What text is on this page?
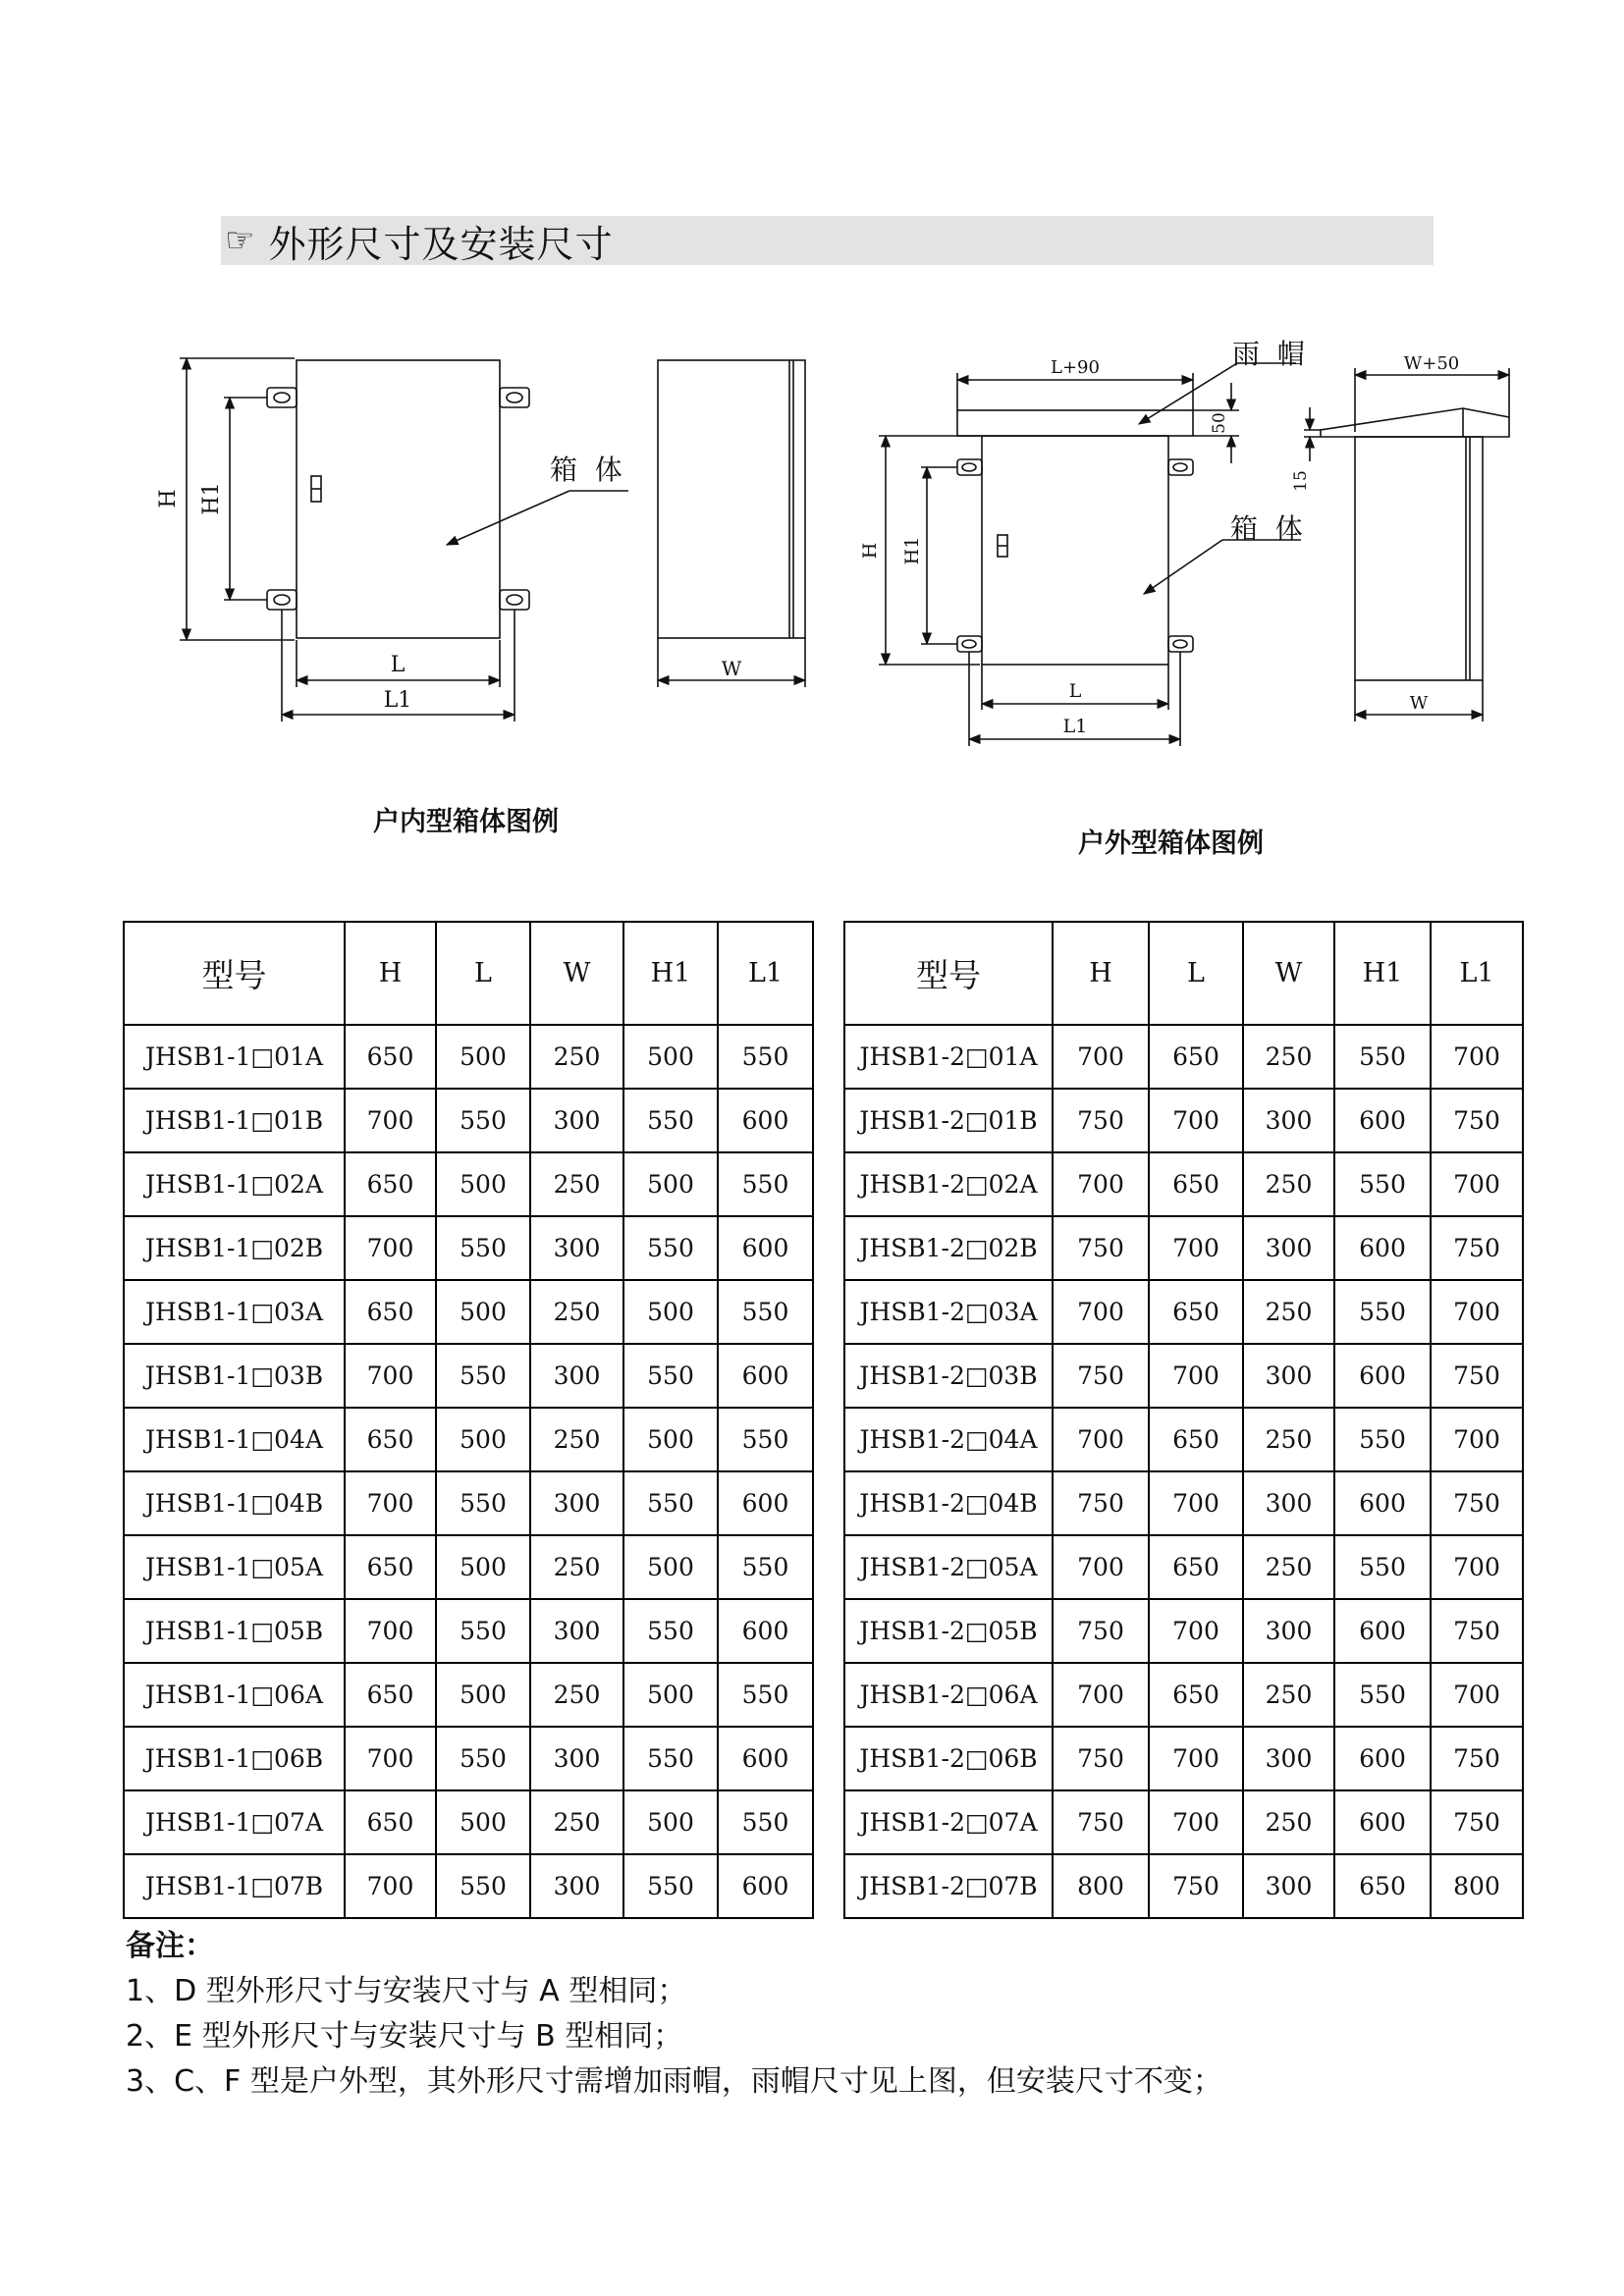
☞ 外形尺寸及安装尺寸
H H1
L
L1
W
箱  体
L+90	雨  帽	W+50
50
15
箱  体
H H1
L
L1
W
户内型箱体图例
户外型箱体图例
型号	H	L	W	H1	L1
JHSB1-1□01A	650	500	250	500	550
JHSB1-1□01B	700	550	300	550	600
JHSB1-1□02A	650	500	250	500	550
JHSB1-1□02B	700	550	300	550	600
JHSB1-1□03A	650	500	250	500	550
JHSB1-1□03B	700	550	300	550	600
JHSB1-1□04A	650	500	250	500	550
JHSB1-1□04B	700	550	300	550	600
JHSB1-1□05A	650	500	250	500	550
JHSB1-1□05B	700	550	300	550	600
JHSB1-1□06A	650	500	250	500	550
JHSB1-1□06B	700	550	300	550	600
JHSB1-1□07A	650	500	250	500	550
JHSB1-1□07B	700	550	300	550	600
型号	H	L	W	H1	L1
JHSB1-2□01A	700	650	250	550	700
JHSB1-2□01B	750	700	300	600	750
JHSB1-2□02A	700	650	250	550	700
JHSB1-2□02B	750	700	300	600	750
JHSB1-2□03A	700	650	250	550	700
JHSB1-2□03B	750	700	300	600	750
JHSB1-2□04A	700	650	250	550	700
JHSB1-2□04B	750	700	300	600	750
JHSB1-2□05A	700	650	250	550	700
JHSB1-2□05B	750	700	300	600	750
JHSB1-2□06A	700	650	250	550	700
JHSB1-2□06B	750	700	300	600	750
JHSB1-2□07A	750	700	250	600	750
JHSB1-2□07B	800	750	300	650	800
备注：
1、D 型外形尺寸与安装尺寸与 A 型相同；
2、E 型外形尺寸与安装尺寸与 B 型相同；
3、C、F 型是户外型，其外形尺寸需增加雨帽，雨帽尺寸见上图，但安装尺寸不变；
